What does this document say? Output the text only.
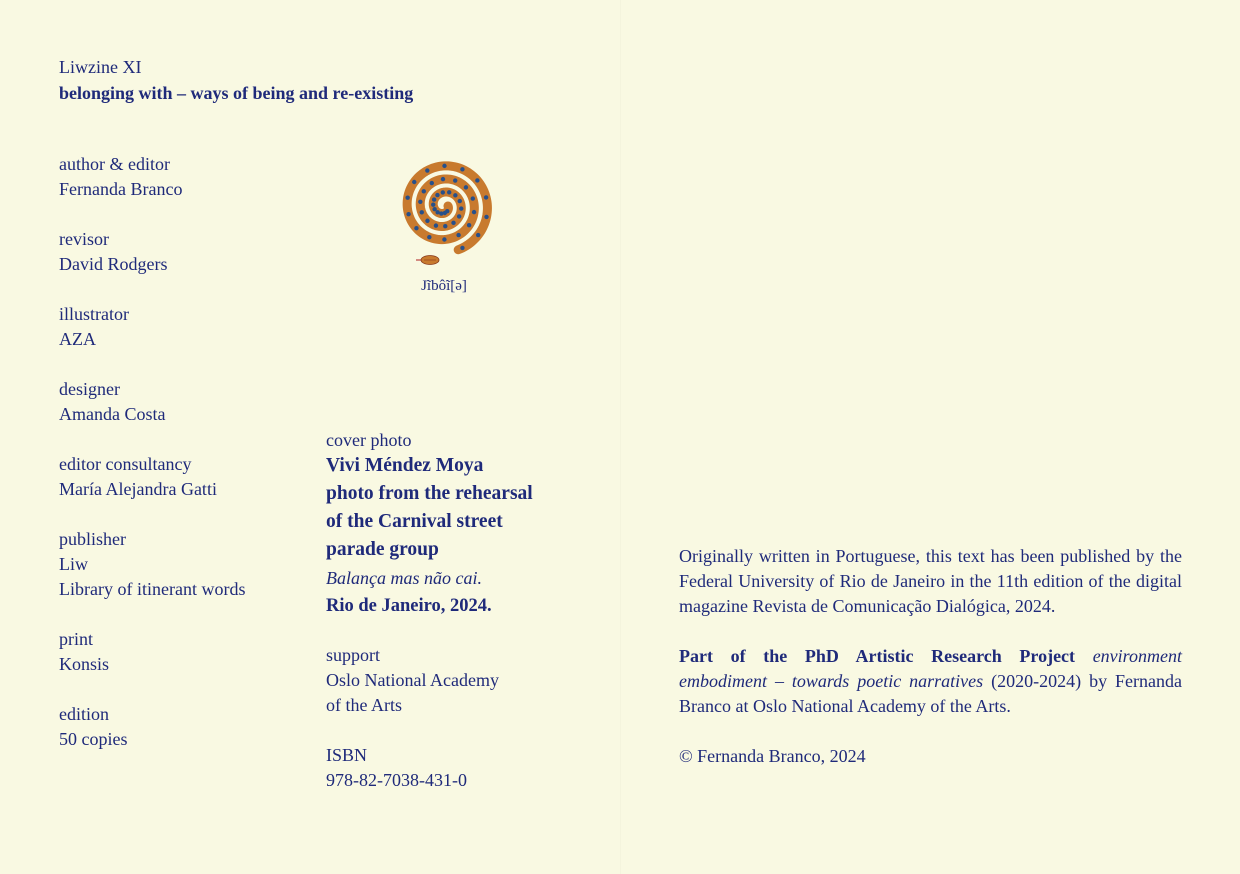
Liwzine XI
belonging with – ways of being and re-existing
author & editor
Fernanda Branco
revisor
David Rodgers
illustrator
AZA
designer
Amanda Costa
editor consultancy
María Alejandra Gatti
publisher
Liw
Library of itinerant words
print
Konsis
edition
50 copies
Jĩbôĩ[ə]
cover photo
Vivi Méndez Moya
photo from the rehearsal
of the Carnival street
parade group
Balança mas não cai.
Rio de Janeiro, 2024.
support
Oslo National Academy
of the Arts
ISBN
978-82-7038-431-0

Originally written in Portuguese, this text has been published by the Federal University of Rio de Janeiro in the 11th edition of the digital magazine Revista de Comunicação Dialógica, 2024.

Part of the PhD Artistic Research Project environment embodiment – towards poetic narratives (2020-2024) by Fernanda Branco at Oslo National Academy of the Arts.

© Fernanda Branco, 2024
